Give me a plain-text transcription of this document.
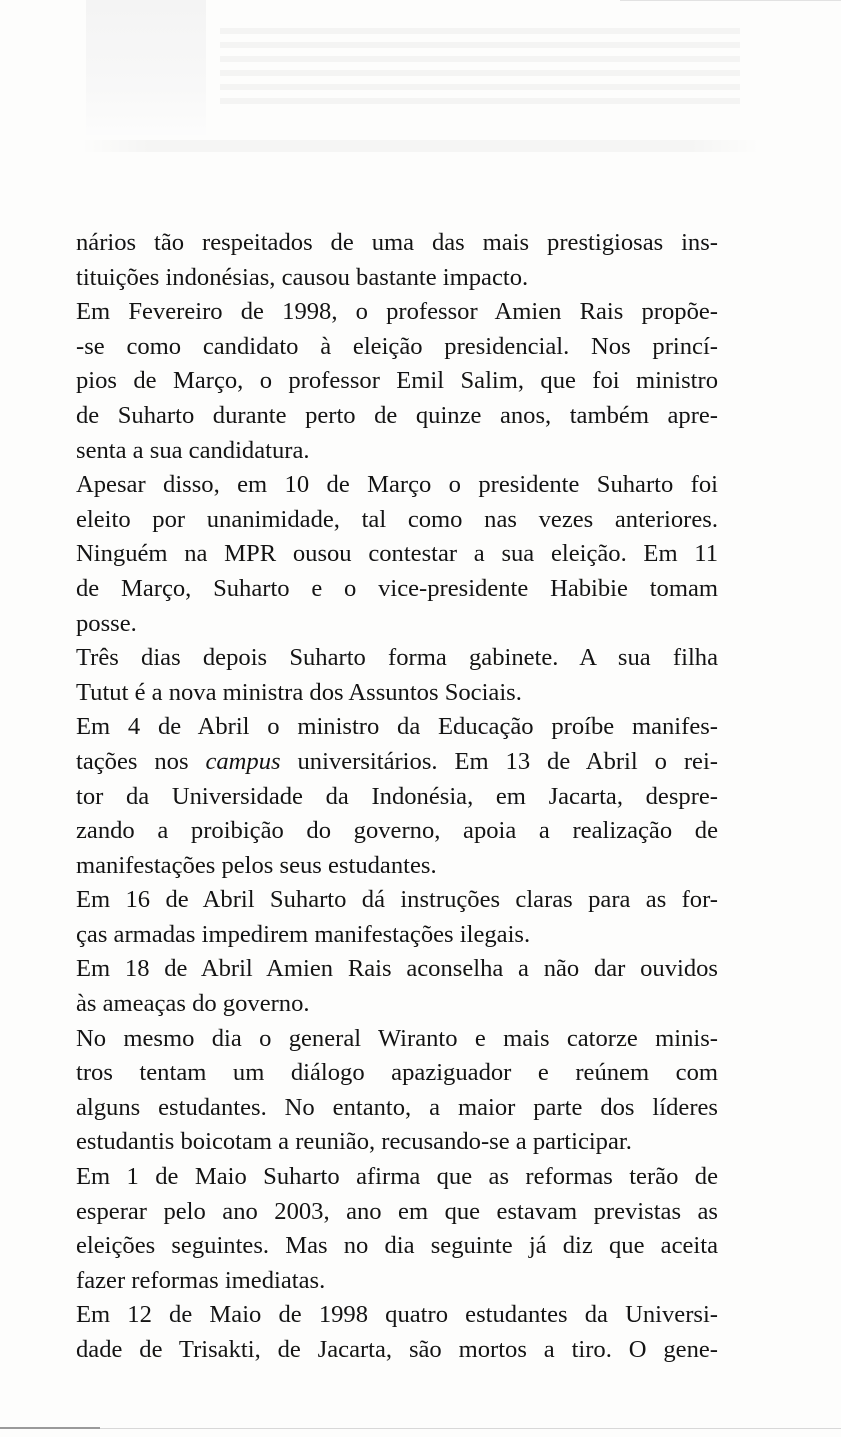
nários tão respeitados de uma das mais prestigiosas ins-
tituições indonésias, causou bastante impacto.
Em Fevereiro de 1998, o professor Amien Rais propõe-
-se como candidato à eleição presidencial. Nos princí-
pios de Março, o professor Emil Salim, que foi ministro
de Suharto durante perto de quinze anos, também apre-
senta a sua candidatura.
Apesar disso, em 10 de Março o presidente Suharto foi
eleito por unanimidade, tal como nas vezes anteriores.
Ninguém na MPR ousou contestar a sua eleição. Em 11
de Março, Suharto e o vice-presidente Habibie tomam
posse.
Três dias depois Suharto forma gabinete. A sua filha
Tutut é a nova ministra dos Assuntos Sociais.
Em 4 de Abril o ministro da Educação proíbe manifes-
tações nos campus universitários. Em 13 de Abril o rei-
tor da Universidade da Indonésia, em Jacarta, despre-
zando a proibição do governo, apoia a realização de
manifestações pelos seus estudantes.
Em 16 de Abril Suharto dá instruções claras para as for-
ças armadas impedirem manifestações ilegais.
Em 18 de Abril Amien Rais aconselha a não dar ouvidos
às ameaças do governo.
No mesmo dia o general Wiranto e mais catorze minis-
tros tentam um diálogo apaziguador e reúnem com
alguns estudantes. No entanto, a maior parte dos líderes
estudantis boicotam a reunião, recusando-se a participar.
Em 1 de Maio Suharto afirma que as reformas terão de
esperar pelo ano 2003, ano em que estavam previstas as
eleições seguintes. Mas no dia seguinte já diz que aceita
fazer reformas imediatas.
Em 12 de Maio de 1998 quatro estudantes da Universi-
dade de Trisakti, de Jacarta, são mortos a tiro. O gene-
